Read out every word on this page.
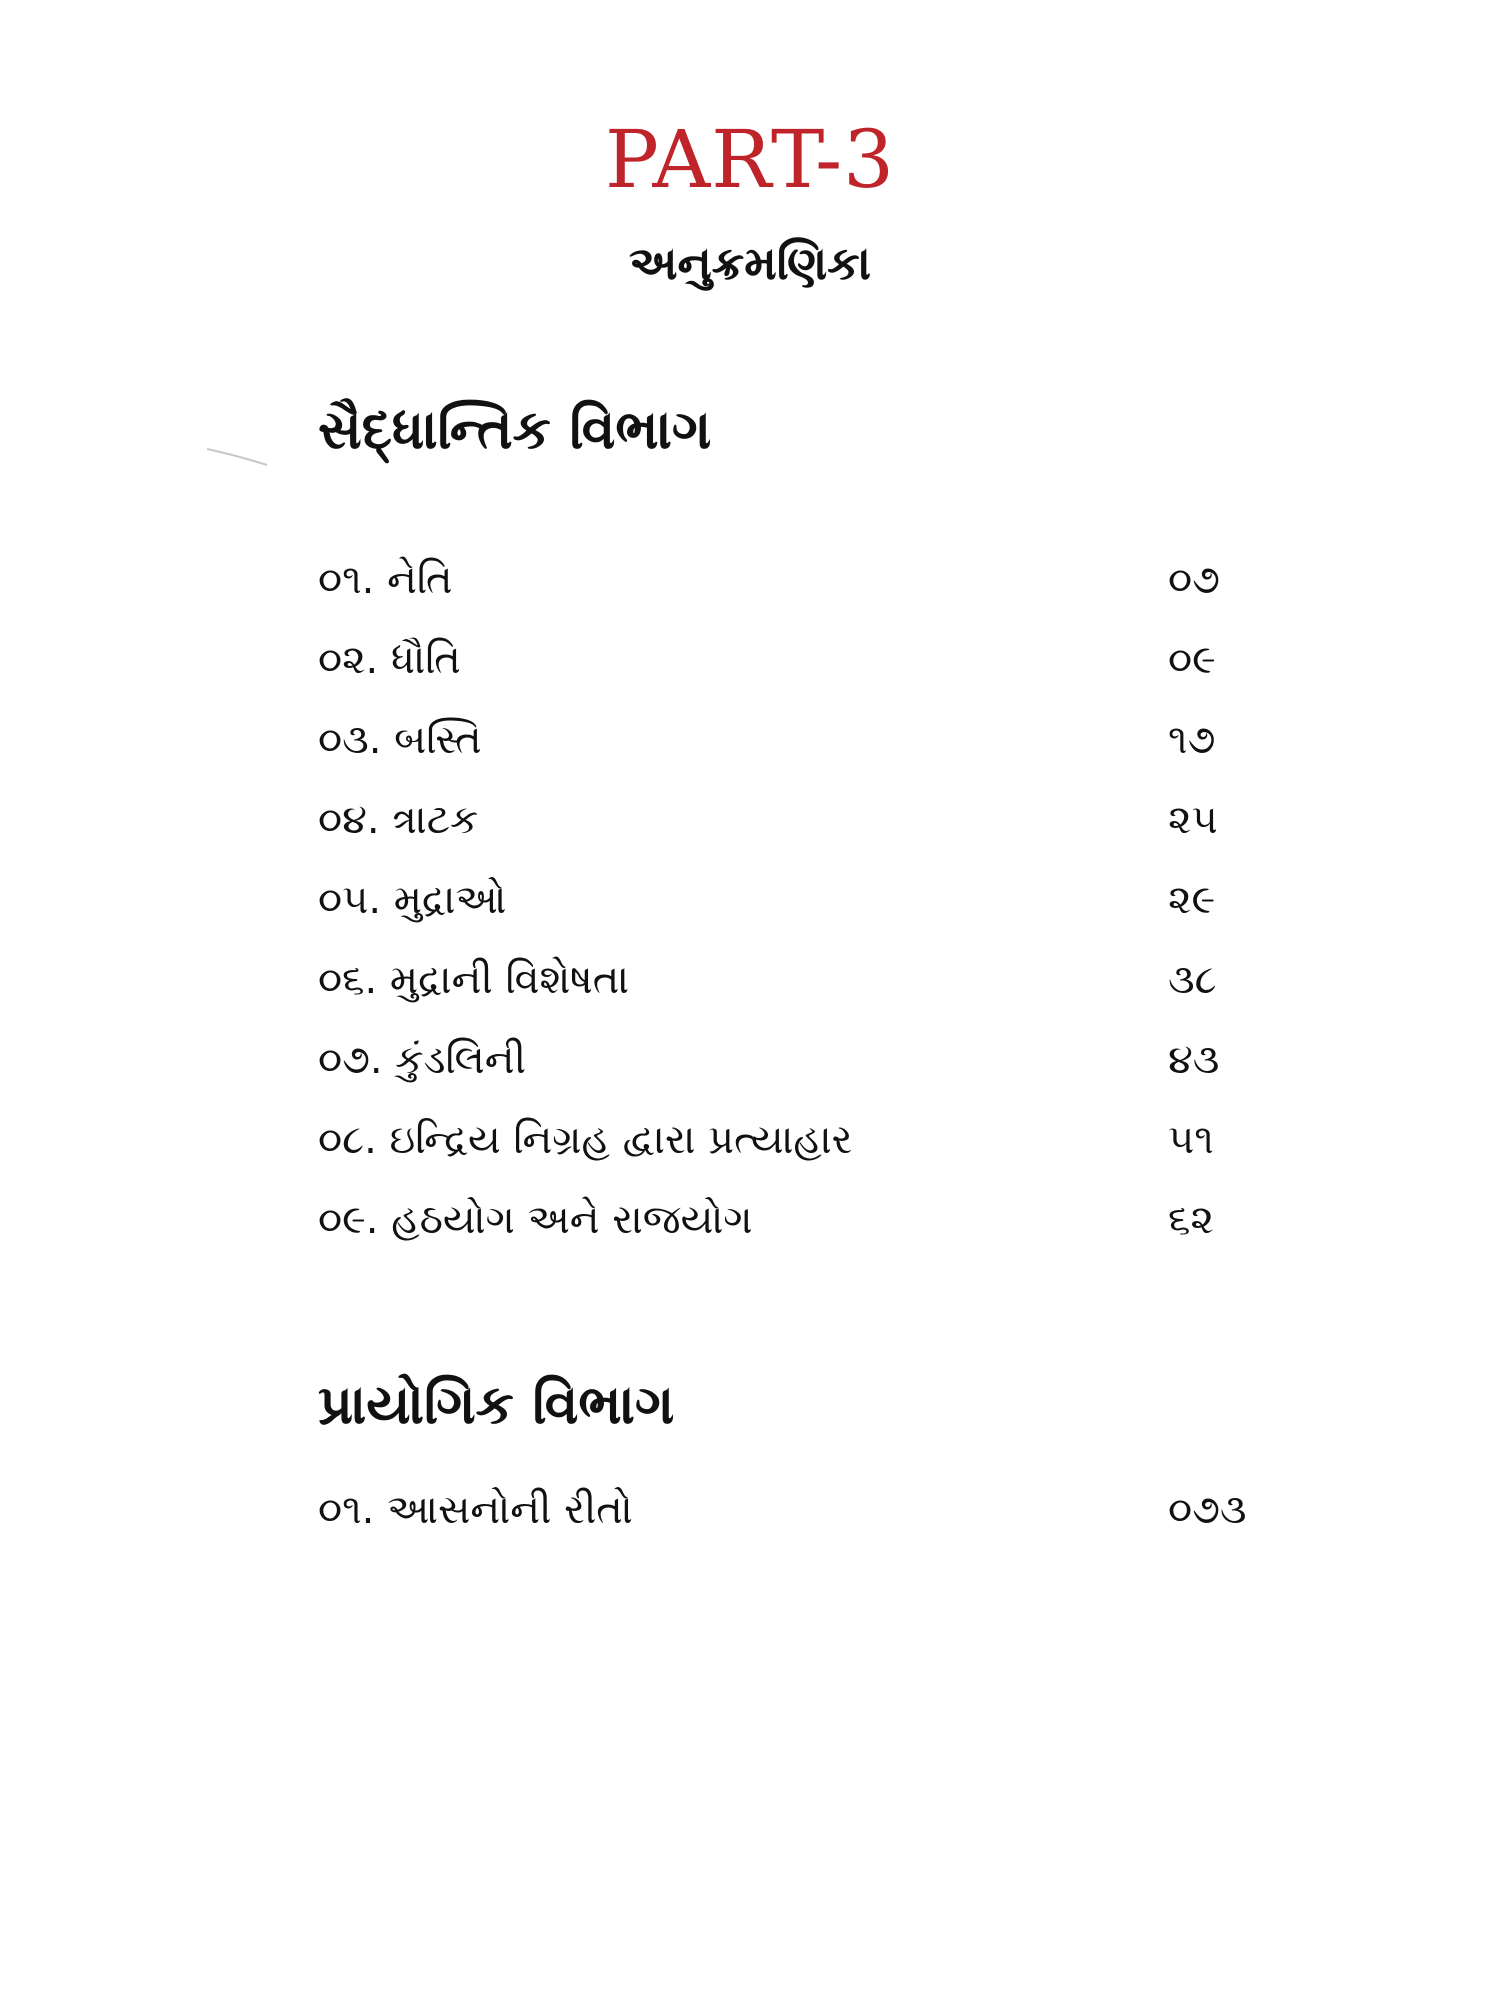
PART-3
અનુક્રમણિકા
સૈદ્ધાન્તિક વિભાગ
૦૧. નેતિ	૦૭
૦૨. ધૌતિ	૦૯
૦૩. બસ્તિ	૧૭
૦૪. ત્રાટક	૨૫
૦૫. મુદ્રાઓ	૨૯
૦૬. મુદ્રાની વિશેષતા	૩૮
૦૭. કુંડલિની	૪૩
૦૮. ઇન્દ્રિય નિગ્રહ દ્વારા પ્રત્યાહાર	૫૧
૦૯. હઠયોગ અને રાજયોગ	૬૨
પ્રાયોગિક વિભાગ
૦૧. આસનોની રીતો	૦૭૩
